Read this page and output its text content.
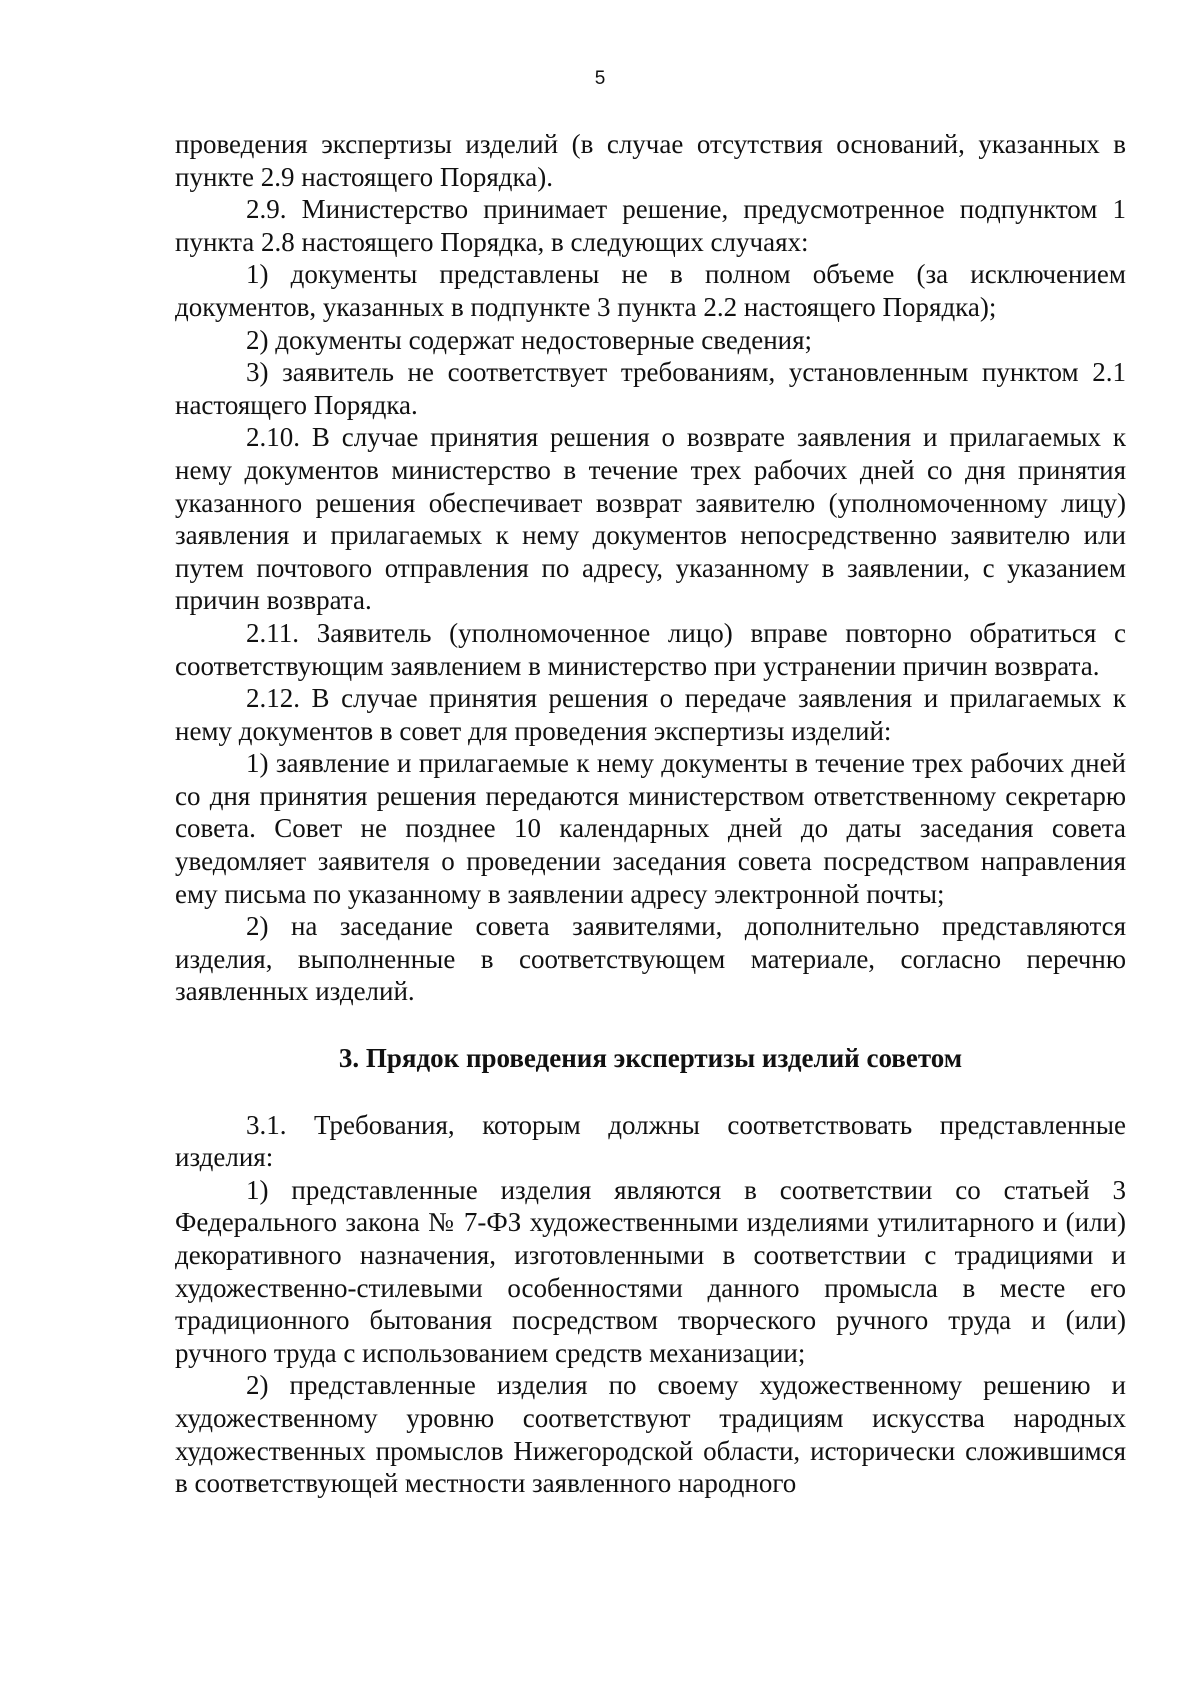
5

проведения экспертизы изделий (в случае отсутствия оснований, указанных в пункте 2.9 настоящего Порядка).

2.9. Министерство принимает решение, предусмотренное подпунктом 1 пункта 2.8 настоящего Порядка, в следующих случаях:

1) документы представлены не в полном объеме (за исключением документов, указанных в подпункте 3 пункта 2.2 настоящего Порядка);

2) документы содержат недостоверные сведения;

3) заявитель не соответствует требованиям, установленным пунктом 2.1 настоящего Порядка.

2.10. В случае принятия решения о возврате заявления и прилагаемых к нему документов министерство в течение трех рабочих дней со дня принятия указанного решения обеспечивает возврат заявителю (уполномоченному лицу) заявления и прилагаемых к нему документов непосредственно заявителю или путем почтового отправления по адресу, указанному в заявлении, с указанием причин возврата.

2.11. Заявитель (уполномоченное лицо) вправе повторно обратиться с соответствующим заявлением в министерство при устранении причин возврата.

2.12. В случае принятия решения о передаче заявления и прилагаемых к нему документов в совет для проведения экспертизы изделий:

1) заявление и прилагаемые к нему документы в течение трех рабочих дней со дня принятия решения передаются министерством ответственному секретарю совета. Совет не позднее 10 календарных дней до даты заседания совета уведомляет заявителя о проведении заседания совета посредством направления ему письма по указанному в заявлении адресу электронной почты;

2) на заседание совета заявителями, дополнительно представляются изделия, выполненные в соответствующем материале, согласно перечню заявленных изделий.

3. Прядок проведения экспертизы изделий советом

3.1. Требования, которым должны соответствовать представленные изделия:

1) представленные изделия являются в соответствии со статьей 3 Федерального закона № 7-ФЗ художественными изделиями утилитарного и (или) декоративного назначения, изготовленными в соответствии с традициями и художественно-стилевыми особенностями данного промысла в месте его традиционного бытования посредством творческого ручного труда и (или) ручного труда с использованием средств механизации;

2) представленные изделия по своему художественному решению и художественному уровню соответствуют традициям искусства народных художественных промыслов Нижегородской области, исторически сложившимся в соответствующей местности заявленного народного
